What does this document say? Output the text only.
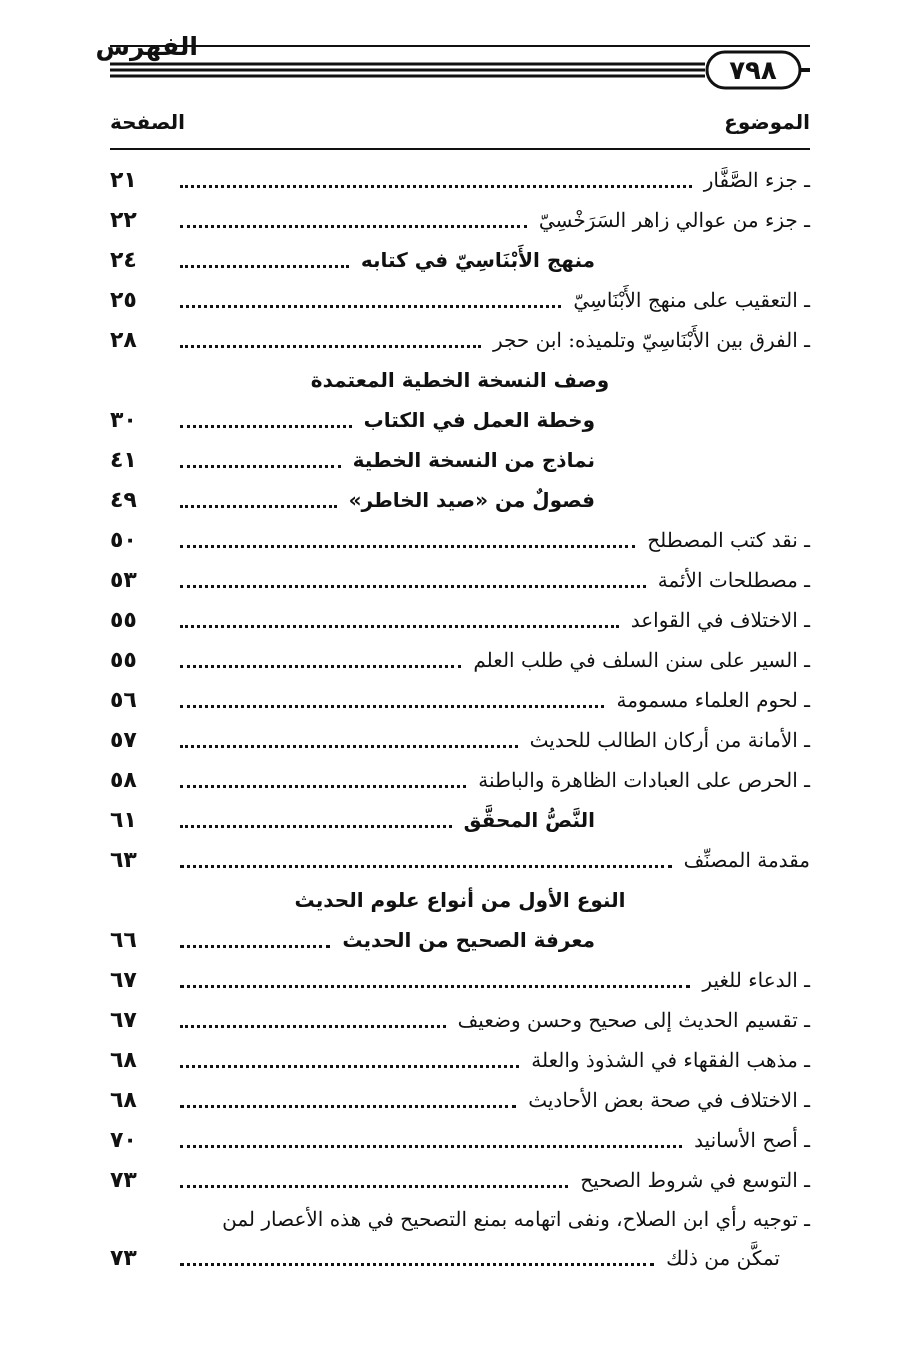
٧٩٨
الفهرس
الموضوع
الصفحة
ـ جزء الصَّفَّار
٢١
ـ جزء من عوالي زاهر السَرَخْسِيّ
٢٢
منهج الأَبْنَاسِيّ في كتابه
٢٤
ـ التعقيب على منهج الأَبْنَاسِيّ
٢٥
ـ الفرق بين الأَبْنَاسِيّ وتلميذه: ابن حجر
٢٨
وصف النسخة الخطية المعتمدة
وخطة العمل في الكتاب
٣٠
نماذج من النسخة الخطية
٤١
فصولٌ من «صيد الخاطر»
٤٩
ـ نقد كتب المصطلح
٥٠
ـ مصطلحات الأئمة
٥٣
ـ الاختلاف في القواعد
٥٥
ـ السير على سنن السلف في طلب العلم
٥٥
ـ لحوم العلماء مسمومة
٥٦
ـ الأمانة من أركان الطالب للحديث
٥٧
ـ الحرص على العبادات الظاهرة والباطنة
٥٨
النَّصُّ المحقَّق
٦١
مقدمة المصنِّف
٦٣
النوع الأول من أنواع علوم الحديث
معرفة الصحيح من الحديث
٦٦
ـ الدعاء للغير
٦٧
ـ تقسيم الحديث إلى صحيح وحسن وضعيف
٦٧
ـ مذهب الفقهاء في الشذوذ والعلة
٦٨
ـ الاختلاف في صحة بعض الأحاديث
٦٨
ـ أصح الأسانيد
٧٠
ـ التوسع في شروط الصحيح
٧٣
ـ توجيه رأي ابن الصلاح، ونفى اتهامه بمنع التصحيح في هذه الأعصار لمن
تمكَّن من ذلك
٧٣
